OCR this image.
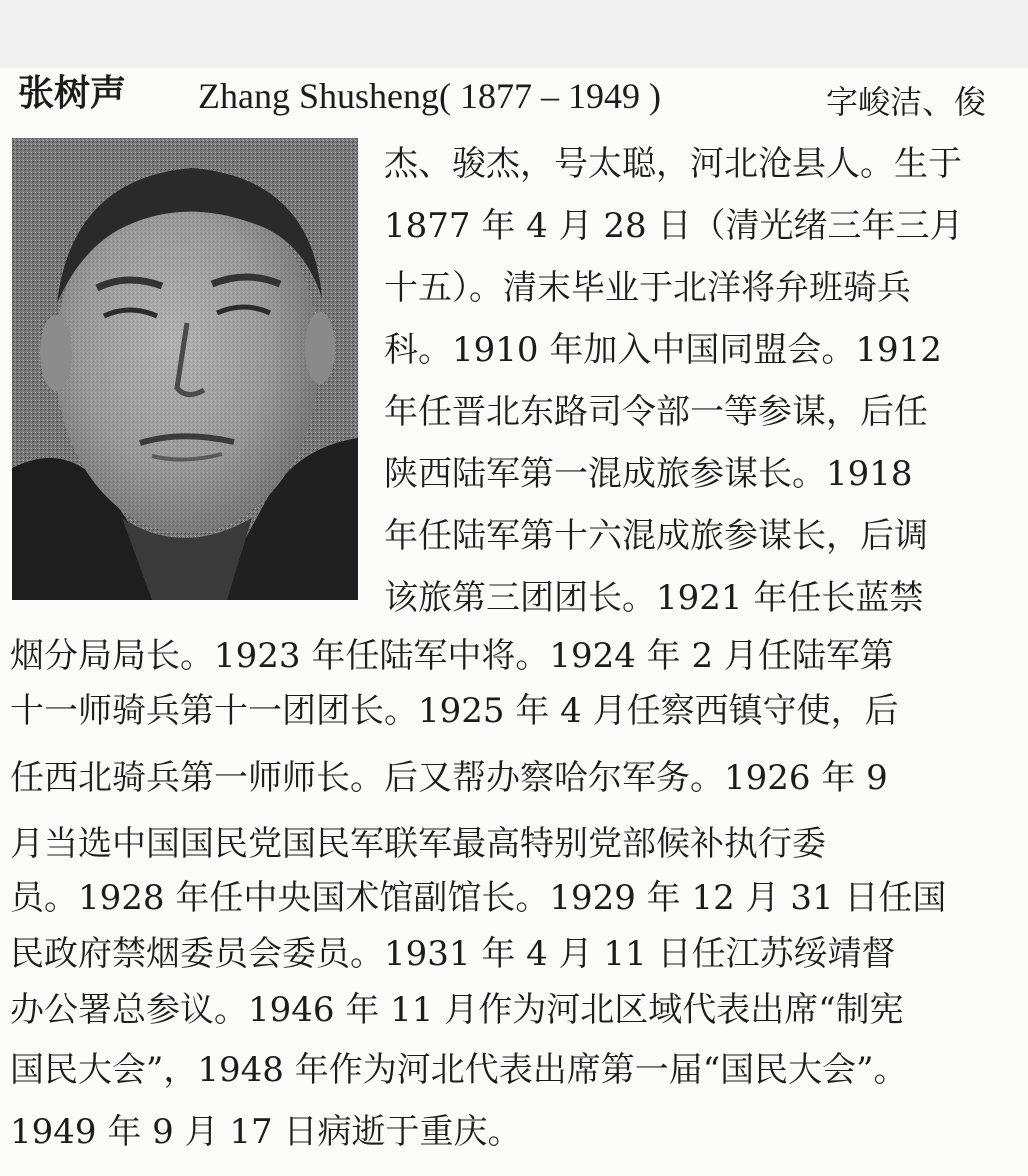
张树声 Zhang Shusheng( 1877 – 1949 )	字峻洁、俊
杰、骏杰，号太聪，河北沧县人。生于
1877 年 4 月 28 日（清光绪三年三月
十五）。清末毕业于北洋将弁班骑兵
科。1910 年加入中国同盟会。1912
年任晋北东路司令部一等参谋，后任
陕西陆军第一混成旅参谋长。1918
年任陆军第十六混成旅参谋长，后调
该旅第三团团长。1921 年任长蓝禁
烟分局局长。1923 年任陆军中将。1924 年 2 月任陆军第
十一师骑兵第十一团团长。1925 年 4 月任察西镇守使，后
任西北骑兵第一师师长。后又帮办察哈尔军务。1926 年 9
月当选中国国民党国民军联军最高特别党部候补执行委
员。1928 年任中央国术馆副馆长。1929 年 12 月 31 日任国
民政府禁烟委员会委员。1931 年 4 月 11 日任江苏绥靖督
办公署总参议。1946 年 11 月作为河北区域代表出席“制宪
国民大会”，1948 年作为河北代表出席第一届“国民大会”。
1949 年 9 月 17 日病逝于重庆。
